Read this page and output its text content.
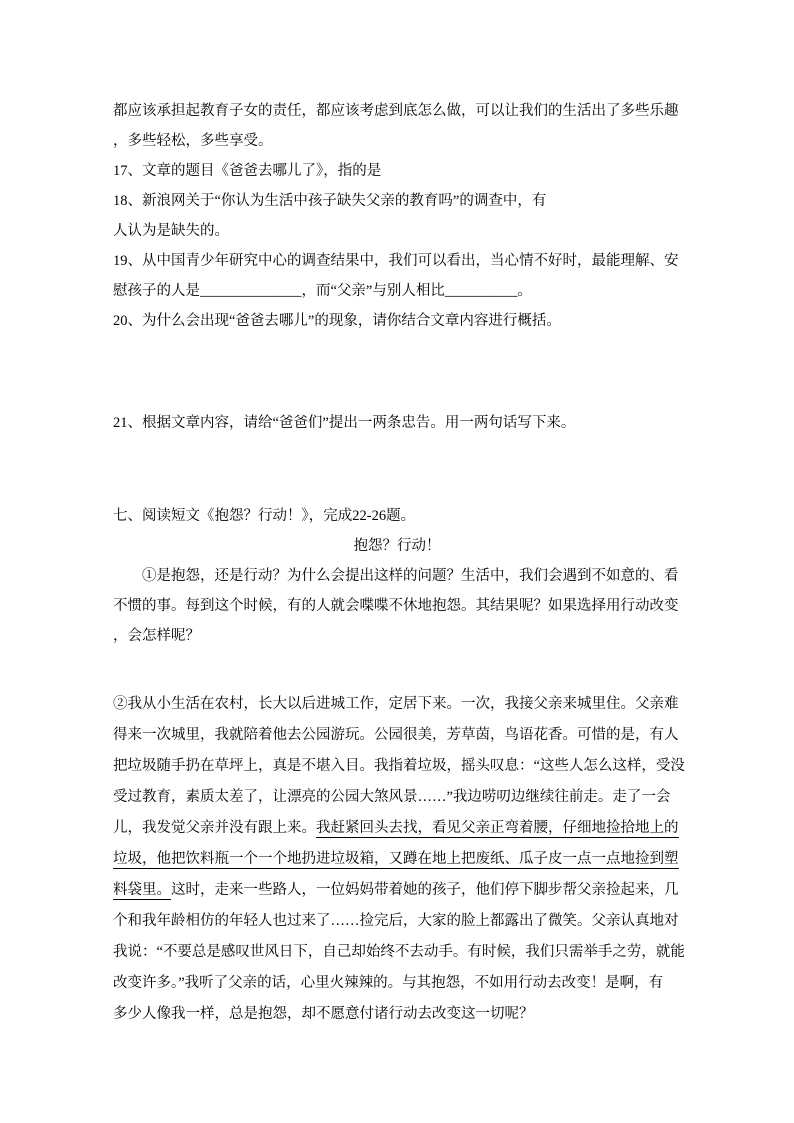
都应该承担起教育子女的责任，都应该考虑到底怎么做，可以让我们的生活出了多些乐趣
，多些轻松，多些享受。
17、文章的题目《爸爸去哪儿了》，指的是
18、新浪网关于“你认为生活中孩子缺失父亲的教育吗”的调查中，有
人认为是缺失的。
19、从中国青少年研究中心的调查结果中，我们可以看出，当心情不好时，最能理解、安
慰孩子的人是______________，而“父亲”与别人相比__________。
20、为什么会出现“爸爸去哪儿”的现象，请你结合文章内容进行概括。
21、根据文章内容，请给“爸爸们”提出一两条忠告。用一两句话写下来。
七、阅读短文《抱怨？行动！》，完成22-26题。
抱怨？行动！
①是抱怨，还是行动？为什么会提出这样的问题？生活中，我们会遇到不如意的、看
不惯的事。每到这个时候，有的人就会喋喋不休地抱怨。其结果呢？如果选择用行动改变
，会怎样呢？
②我从小生活在农村，长大以后进城工作，定居下来。一次，我接父亲来城里住。父亲难
得来一次城里，我就陪着他去公园游玩。公园很美，芳草茵，鸟语花香。可惜的是，有人
把垃圾随手扔在草坪上，真是不堪入目。我指着垃圾，摇头叹息：“这些人怎么这样，受没
受过教育，素质太差了，让漂亮的公园大煞风景……”我边唠叨边继续往前走。走了一会
儿，我发觉父亲并没有跟上来。我赶紧回头去找，看见父亲正弯着腰，仔细地捡拾地上的
垃圾，他把饮料瓶一个一个地扔进垃圾箱，又蹲在地上把废纸、瓜子皮一点一点地捡到塑
料袋里。这时，走来一些路人，一位妈妈带着她的孩子，他们停下脚步帮父亲捡起来，几
个和我年龄相仿的年轻人也过来了……捡完后，大家的脸上都露出了微笑。父亲认真地对
我说：“不要总是感叹世风日下，自己却始终不去动手。有时候，我们只需举手之劳，就能
改变许多。”我听了父亲的话，心里火辣辣的。与其抱怨，不如用行动去改变！是啊，有
多少人像我一样，总是抱怨，却不愿意付诸行动去改变这一切呢？
